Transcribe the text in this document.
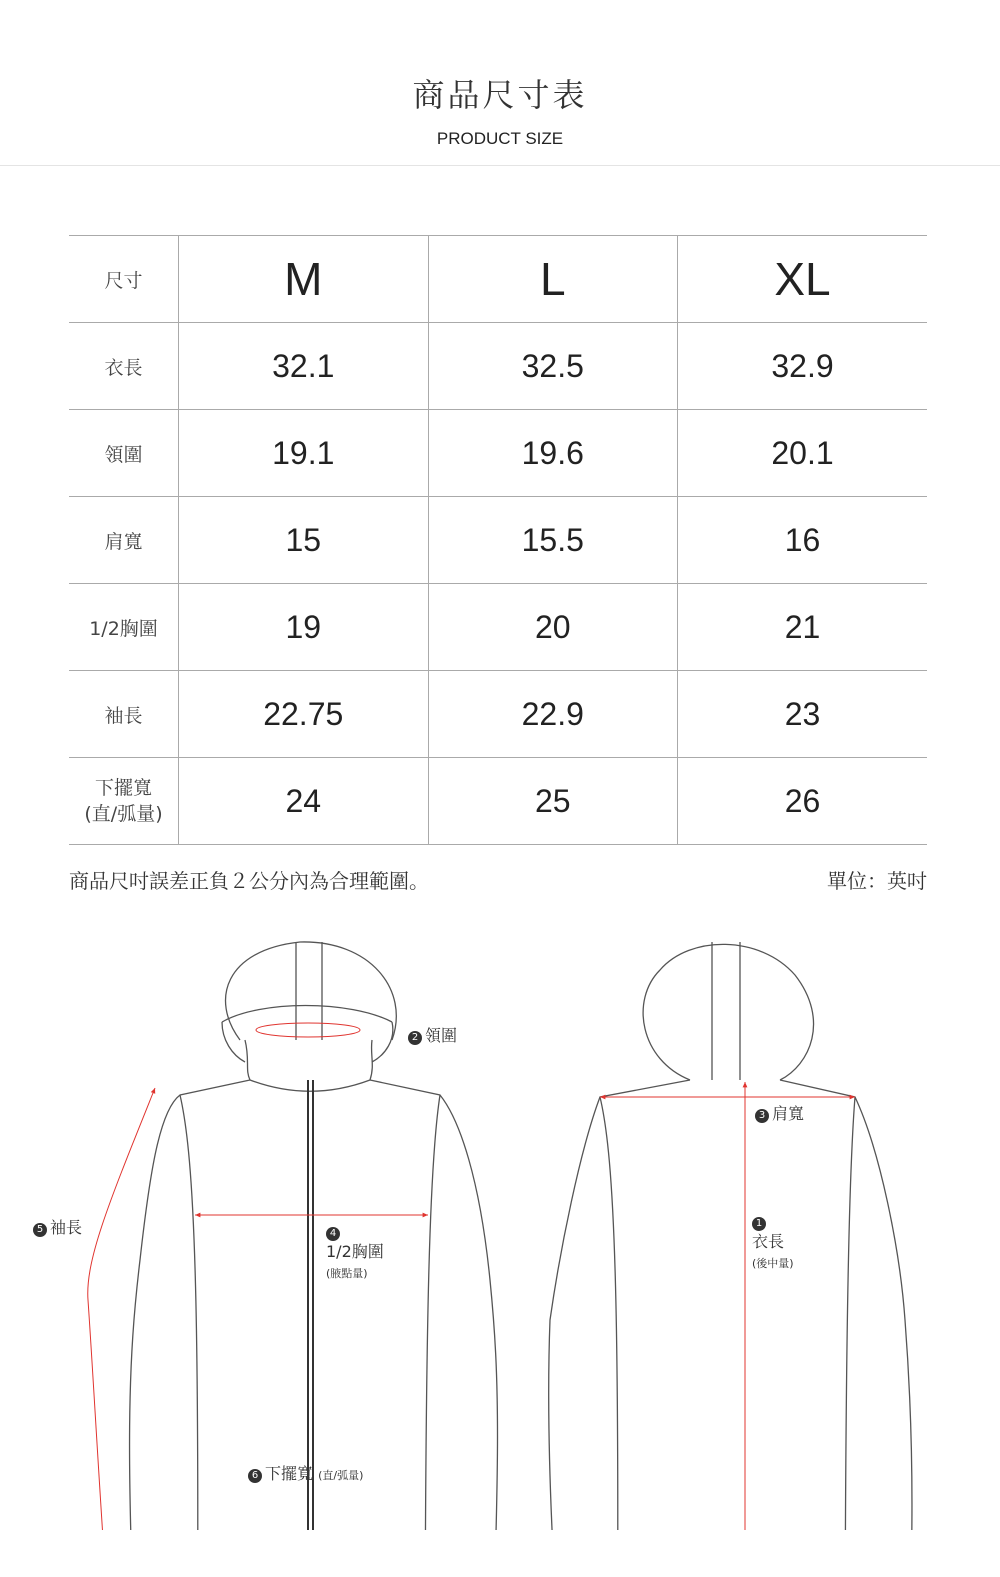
商品尺寸表
PRODUCT SIZE
尺寸	M	L	XL
衣長	32.1	32.5	32.9
領圍	19.1	19.6	20.1
肩寬	15	15.5	16
1/2胸圍	19	20	21
袖長	22.75	22.9	23

下擺寬
(直/弧量)	24	25	26
商品尺吋誤差正負２公分內為合理範圍。	單位：英吋
2 領圍
3 肩寬
1
衣長
(後中量)
4
1/2胸圍
(腋點量)
5 袖長
6 下擺寬 (直/弧量)
